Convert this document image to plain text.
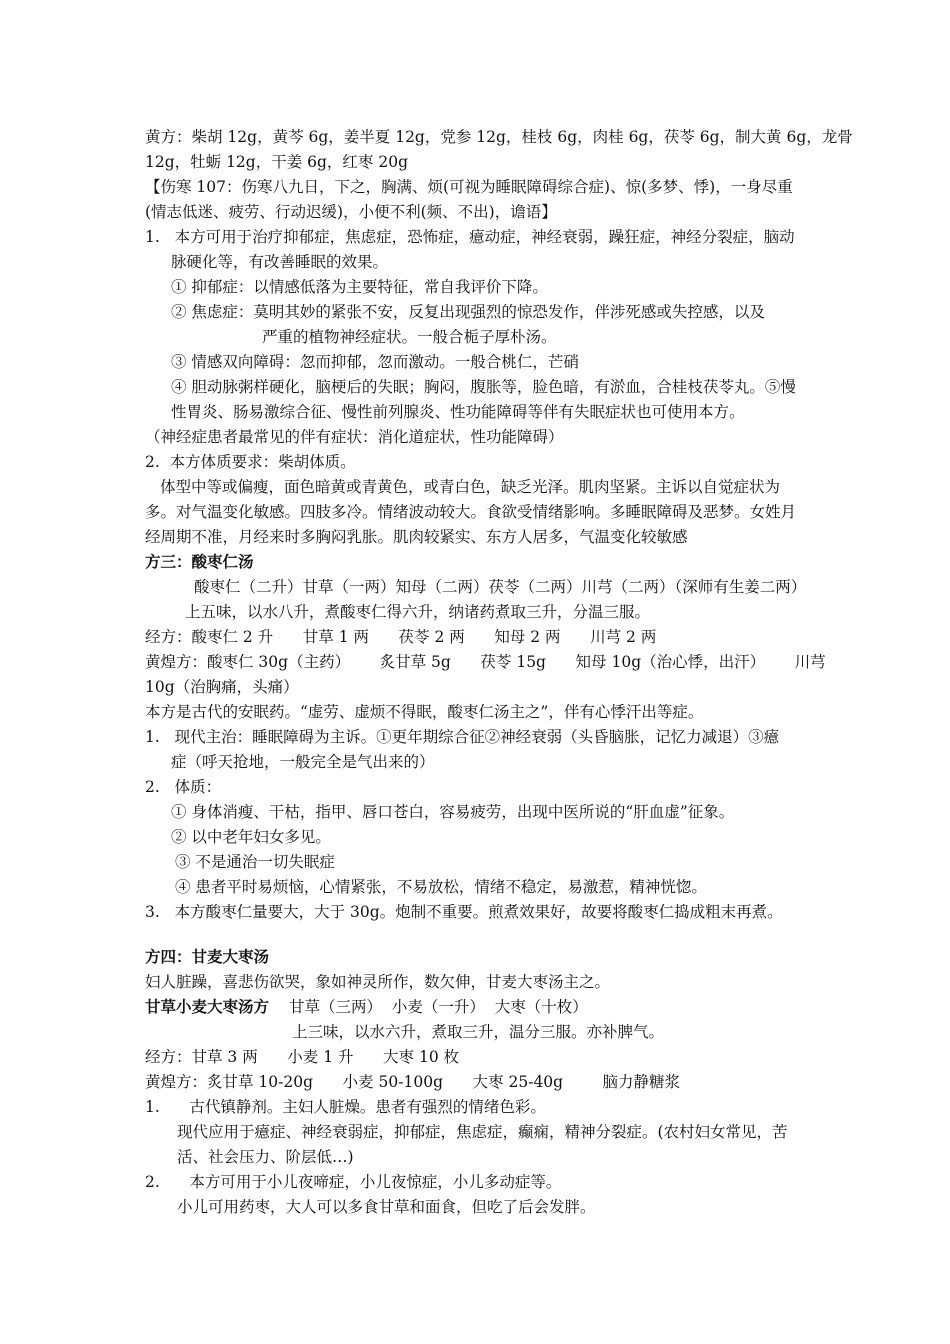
黄方：柴胡 12g，黄芩 6g，姜半夏 12g，党参 12g，桂枝 6g，肉桂 6g，茯苓 6g，制大黄 6g，龙骨
12g，牡蛎 12g，干姜 6g，红枣 20g
【伤寒 107：伤寒八九日，下之，胸满、烦(可视为睡眠障碍综合症)、惊(多梦、悸)，一身尽重
(情志低迷、疲劳、行动迟缓)，小便不利(频、不出)，谵语】
1.   本方可用于治疗抑郁症，焦虑症，恐怖症，癔动症，神经衰弱，躁狂症，神经分裂症，脑动
脉硬化等，有改善睡眠的效果。
① 抑郁症：以情感低落为主要特征，常自我评价下降。
② 焦虑症：莫明其妙的紧张不安，反复出现强烈的惊恐发作，伴涉死感或失控感，以及
严重的植物神经症状。一般合栀子厚朴汤。
③ 情感双向障碍：忽而抑郁，忽而激动。一般合桃仁，芒硝
④ 胆动脉粥样硬化，脑梗后的失眠；胸闷，腹胀等，脸色暗，有淤血，合桂枝茯苓丸。⑤慢
性胃炎、肠易激综合征、慢性前列腺炎、性功能障碍等伴有失眠症状也可使用本方。
（神经症患者最常见的伴有症状：消化道症状，性功能障碍）
2.  本方体质要求：柴胡体质。
体型中等或偏瘦，面色暗黄或青黄色，或青白色，缺乏光泽。肌肉坚紧。主诉以自觉症状为
多。对气温变化敏感。四肢多冷。情绪波动较大。食欲受情绪影响。多睡眠障碍及恶梦。女姓月
经周期不准，月经来时多胸闷乳胀。肌肉较紧实、东方人居多，气温变化较敏感
方三：酸枣仁汤
酸枣仁（二升）甘草（一两）知母（二两）茯苓（二两）川芎（二两）（深师有生姜二两）
上五味，以水八升，煮酸枣仁得六升，纳诸药煮取三升，分温三服。
经方：酸枣仁 2 升      甘草 1 两      茯苓 2 两      知母 2 两      川芎 2 两
黄煌方：酸枣仁 30g（主药）      炙甘草 5g      茯苓 15g      知母 10g（治心悸，出汗）      川芎
10g（治胸痛，头痛）
本方是古代的安眠药。“虚劳、虚烦不得眠，酸枣仁汤主之”，伴有心悸汗出等症。
1.   现代主治：睡眠障碍为主诉。①更年期综合征②神经衰弱（头昏脑胀，记忆力减退）③癔
症（呼天抢地，一般完全是气出来的）
2.   体质：
① 身体消瘦、干枯，指甲、唇口苍白，容易疲劳，出现中医所说的“肝血虚”征象。
② 以中老年妇女多见。
③ 不是通治一切失眠症
④ 患者平时易烦恼，心情紧张，不易放松，情绪不稳定，易激惹，精神恍惚。
3.   本方酸枣仁量要大，大于 30g。炮制不重要。煎煮效果好，故要将酸枣仁捣成粗末再煮。
方四：甘麦大枣汤
妇人脏躁，喜悲伤欲哭，象如神灵所作，数欠伸，甘麦大枣汤主之。
甘草小麦大枣汤方 甘草（三两）  小麦（一升）  大枣（十枚）
上三味，以水六升，煮取三升，温分三服。亦补脾气。
经方：甘草 3 两      小麦 1 升      大枣 10 枚
黄煌方：炙甘草 10-20g      小麦 50-100g      大枣 25-40g        脑力静糖浆
1.      古代镇静剂。主妇人脏燥。患者有强烈的情绪色彩。
现代应用于癔症、神经衰弱症，抑郁症，焦虑症，癫痫，精神分裂症。(农村妇女常见，苦
活、社会压力、阶层低…)
2.      本方可用于小儿夜啼症，小儿夜惊症，小儿多动症等。
小儿可用药枣，大人可以多食甘草和面食，但吃了后会发胖。
